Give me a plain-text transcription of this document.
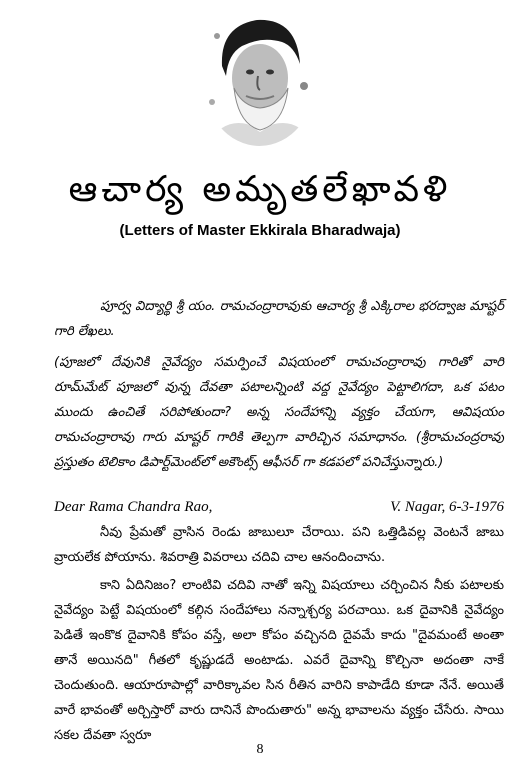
ఆచార్య అమృతలేఖావళి
(Letters of Master Ekkirala Bharadwaja)
పూర్వ విద్యార్థి శ్రీ యం. రామచంద్రారావుకు ఆచార్య శ్రీ ఎక్కిరాల భరద్వాజ మాష్టర్ గారి లేఖలు.
(పూజలో దేవునికి నైవేద్యం సమర్పించే విషయంలో రామచంద్రారావు గారితో వారి రూమ్‌మేట్ పూజలో వున్న దేవతా పటాలన్నింటి వద్ద నైవేద్యం పెట్టాలిగదా, ఒక పటం ముందు ఉంచితే సరిపోతుందా? అన్న సందేహాన్ని వ్యక్తం చేయగా, ఆవిషయం రామచంద్రారావు గారు మాష్టర్ గారికి తెల్పగా వారిచ్చిన సమాధానం. (శ్రీరామచంద్రరావు ప్రస్తుతం టెలికాం డిపార్ట్‌మెంట్‌లో అకౌంట్స్ ఆఫీసర్ గా కడపలో పనిచేస్తున్నారు.)
Dear Rama Chandra Rao,	V. Nagar, 6-3-1976
నీవు ప్రేమతో వ్రాసిన రెండు జాబులూ చేరాయి. పని ఒత్తిడివల్ల వెంటనే జాబు వ్రాయలేక పోయాను. శివరాత్రి వివరాలు చదివి చాల ఆనందించాను.
కాని ఏదినిజం? లాంటివి చదివి నాతో ఇన్ని విషయాలు చర్చించిన నీకు పటాలకు నైవేద్యం పెట్టే విషయంలో కల్గిన సందేహాలు నన్నాశ్చర్య పరచాయి. ఒక దైవానికి నైవేద్యం పెడితే ఇంకొక దైవానికి కోపం వస్తే, అలా కోపం వచ్చినది దైవమే కాదు "దైవమంటే అంతా తానే అయినది" గీతలో కృష్ణుడదే అంటాడు. ఎవరే దైవాన్ని కొల్చినా అదంతా నాకే చెందుతుంది. ఆయారూపాల్లో వారిక్కావల సిన రీతిన వారిని కాపాడేది కూడా నేనే. అయితే వారే భావంతో అర్చిస్తారో వారు దానినే పొందుతారు" అన్న భావాలను వ్యక్తం చేసేరు. సాయి సకల దేవతా స్వరూ
8
